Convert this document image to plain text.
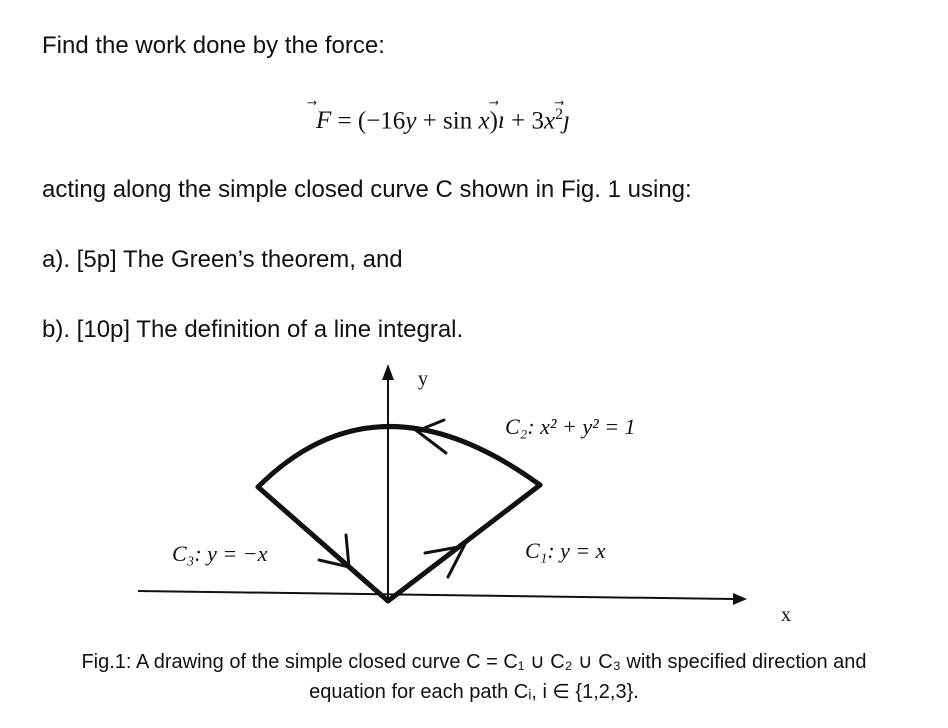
Find the work done by the force:
F ⃗ = (−16y + sin x)ı ⃗ + $3x^2ȷ$ ⃗
acting along the simple closed curve C shown in Fig. 1 using:
a). [5p] The Green’s theorem, and
b). [10p] The definition of a line integral.
y
x
C₂: x² + y² = 1
C₁: y = x
C₃: y = −x
Fig.1: A drawing of the simple closed curve C = C₁ ∪ C₂ ∪ C₃ with specified direction and
equation for each path Cᵢ, i ∈ {1,2,3}.
